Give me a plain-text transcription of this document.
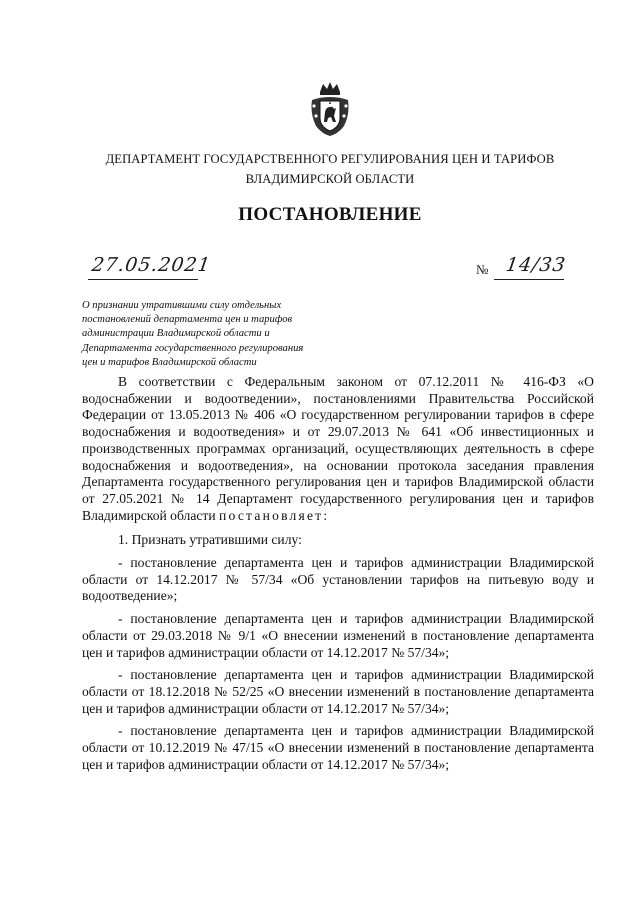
ДЕПАРТАМЕНТ ГОСУДАРСТВЕННОГО РЕГУЛИРОВАНИЯ ЦЕН И ТАРИФОВ
ВЛАДИМИРСКОЙ ОБЛАСТИ
ПОСТАНОВЛЕНИЕ
27.05.2021	№ 14/33
О признании утратившими силу отдельных
постановлений департамента цен и тарифов
администрации Владимирской области и
Департамента государственного регулирования
цен и тарифов Владимирской области

В соответствии с Федеральным законом от 07.12.2011 № 416-ФЗ «О водоснабжении и водоотведении», постановлениями Правительства Российской Федерации от 13.05.2013 № 406 «О государственном регулировании тарифов в сфере водоснабжения и водоотведения» и от 29.07.2013 № 641 «Об инвестиционных и производственных программах организаций, осуществляющих деятельность в сфере водоснабжения и водоотведения», на основании протокола заседания правления Департамента государственного регулирования цен и тарифов Владимирской области от 27.05.2021 № 14 Департамент государственного регулирования цен и тарифов Владимирской области постановляет:

1. Признать утратившими силу:

- постановление департамента цен и тарифов администрации Владимирской области от 14.12.2017 № 57/34 «Об установлении тарифов на питьевую воду и водоотведение»;

- постановление департамента цен и тарифов администрации Владимирской области от 29.03.2018 № 9/1 «О внесении изменений в постановление департамента цен и тарифов администрации области от 14.12.2017 № 57/34»;

- постановление департамента цен и тарифов администрации Владимирской области от 18.12.2018 № 52/25 «О внесении изменений в постановление департамента цен и тарифов администрации области от 14.12.2017 № 57/34»;

- постановление департамента цен и тарифов администрации Владимирской области от 10.12.2019 № 47/15 «О внесении изменений в постановление департамента цен и тарифов администрации области от 14.12.2017 № 57/34»;
